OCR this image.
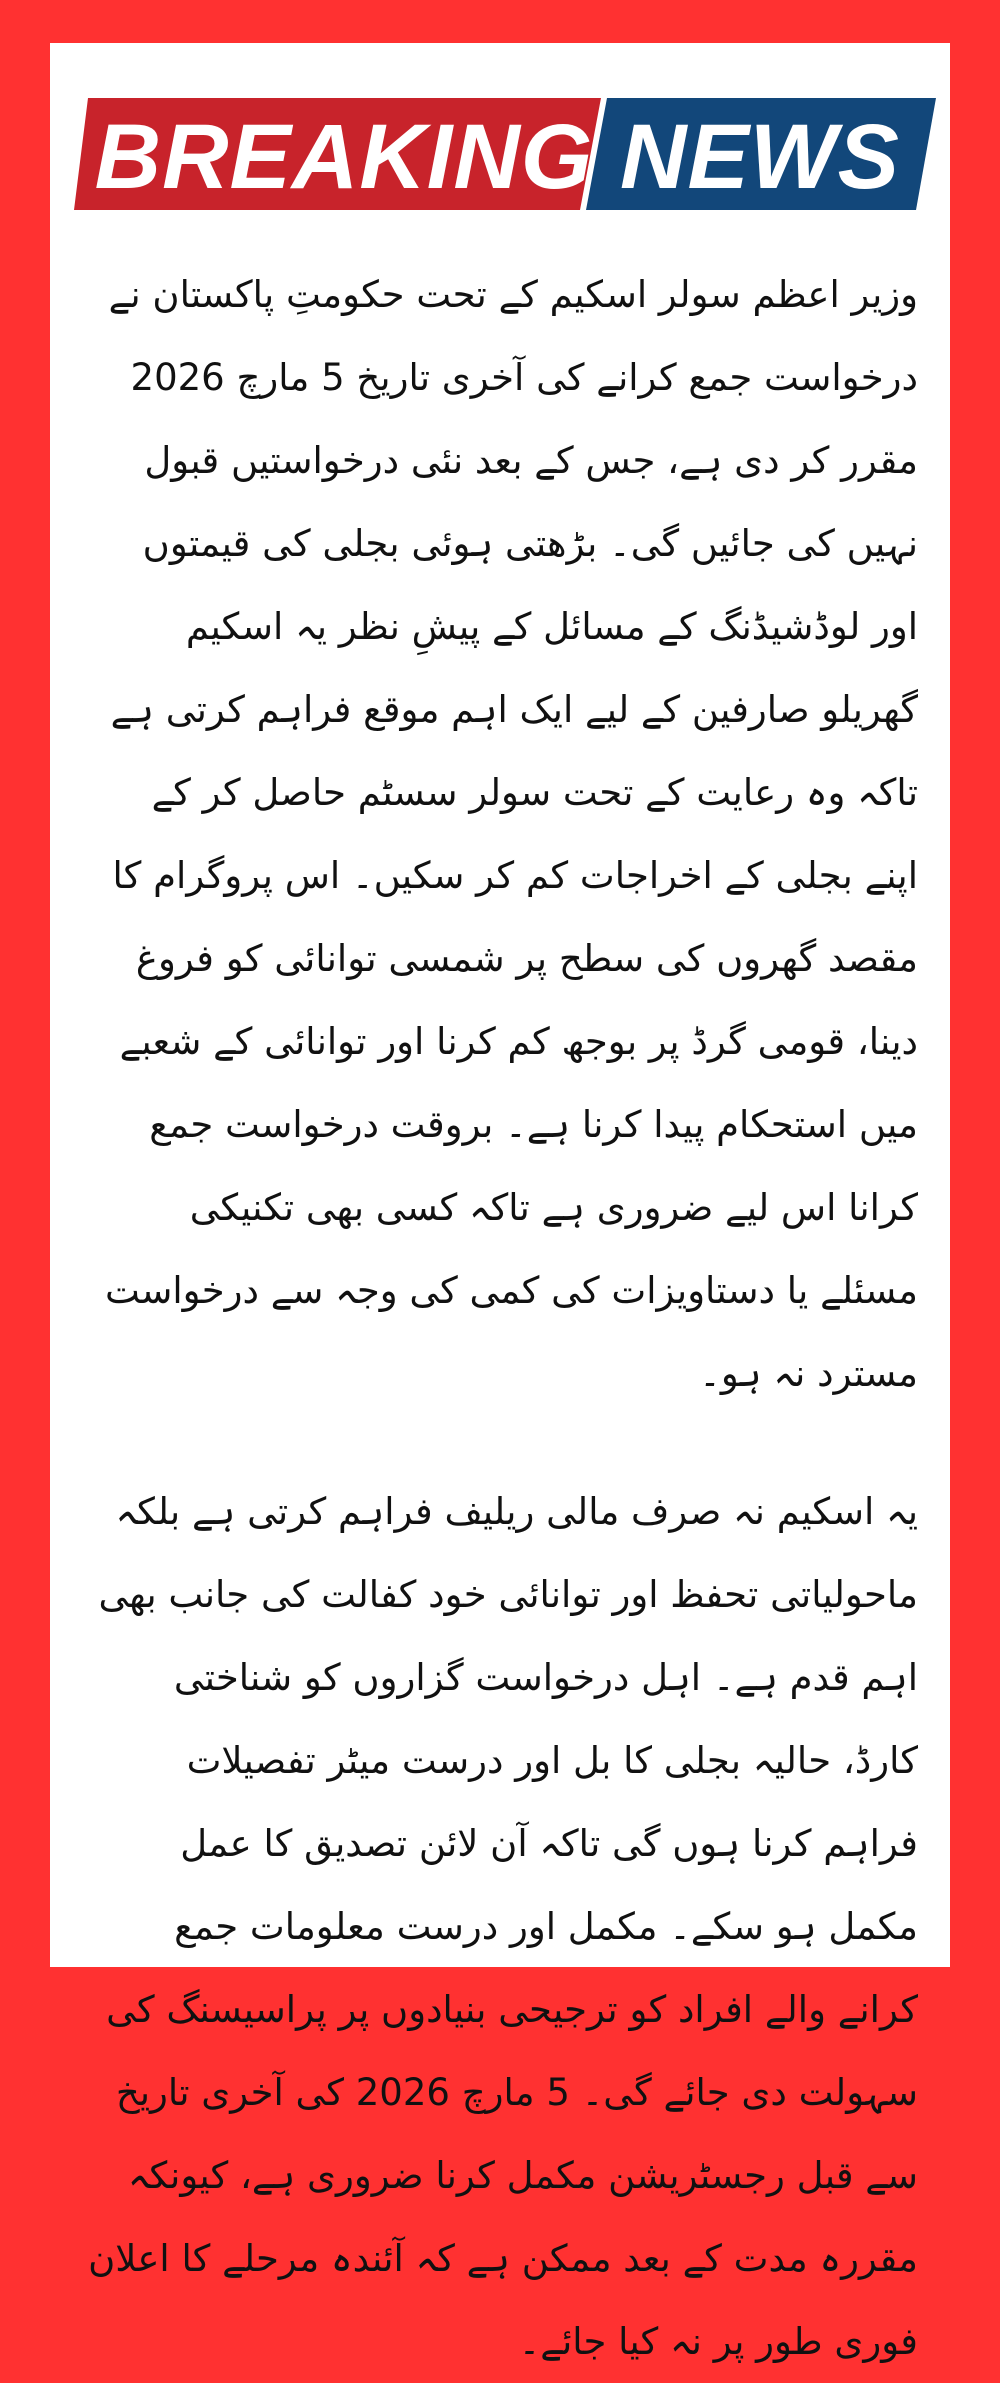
BREAKING NEWS

وزیر اعظم سولر اسکیم کے تحت حکومتِ پاکستان نے درخواست جمع کرانے کی آخری تاریخ 5 مارچ 2026 مقرر کر دی ہے، جس کے بعد نئی درخواستیں قبول نہیں کی جائیں گی۔ بڑھتی ہوئی بجلی کی قیمتوں اور لوڈشیڈنگ کے مسائل کے پیشِ نظر یہ اسکیم گھریلو صارفین کے لیے ایک اہم موقع فراہم کرتی ہے تاکہ وہ رعایت کے تحت سولر سسٹم حاصل کر کے اپنے بجلی کے اخراجات کم کر سکیں۔ اس پروگرام کا مقصد گھروں کی سطح پر شمسی توانائی کو فروغ دینا، قومی گرڈ پر بوجھ کم کرنا اور توانائی کے شعبے میں استحکام پیدا کرنا ہے۔ بروقت درخواست جمع کرانا اس لیے ضروری ہے تاکہ کسی بھی تکنیکی مسئلے یا دستاویزات کی کمی کی وجہ سے درخواست مسترد نہ ہو۔

یہ اسکیم نہ صرف مالی ریلیف فراہم کرتی ہے بلکہ ماحولیاتی تحفظ اور توانائی خود کفالت کی جانب بھی اہم قدم ہے۔ اہل درخواست گزاروں کو شناختی کارڈ، حالیہ بجلی کا بل اور درست میٹر تفصیلات فراہم کرنا ہوں گی تاکہ آن لائن تصدیق کا عمل مکمل ہو سکے۔ مکمل اور درست معلومات جمع کرانے والے افراد کو ترجیحی بنیادوں پر پراسیسنگ کی سہولت دی جائے گی۔ 5 مارچ 2026 کی آخری تاریخ سے قبل رجسٹریشن مکمل کرنا ضروری ہے، کیونکہ مقررہ مدت کے بعد ممکن ہے کہ آئندہ مرحلے کا اعلان فوری طور پر نہ کیا جائے۔
